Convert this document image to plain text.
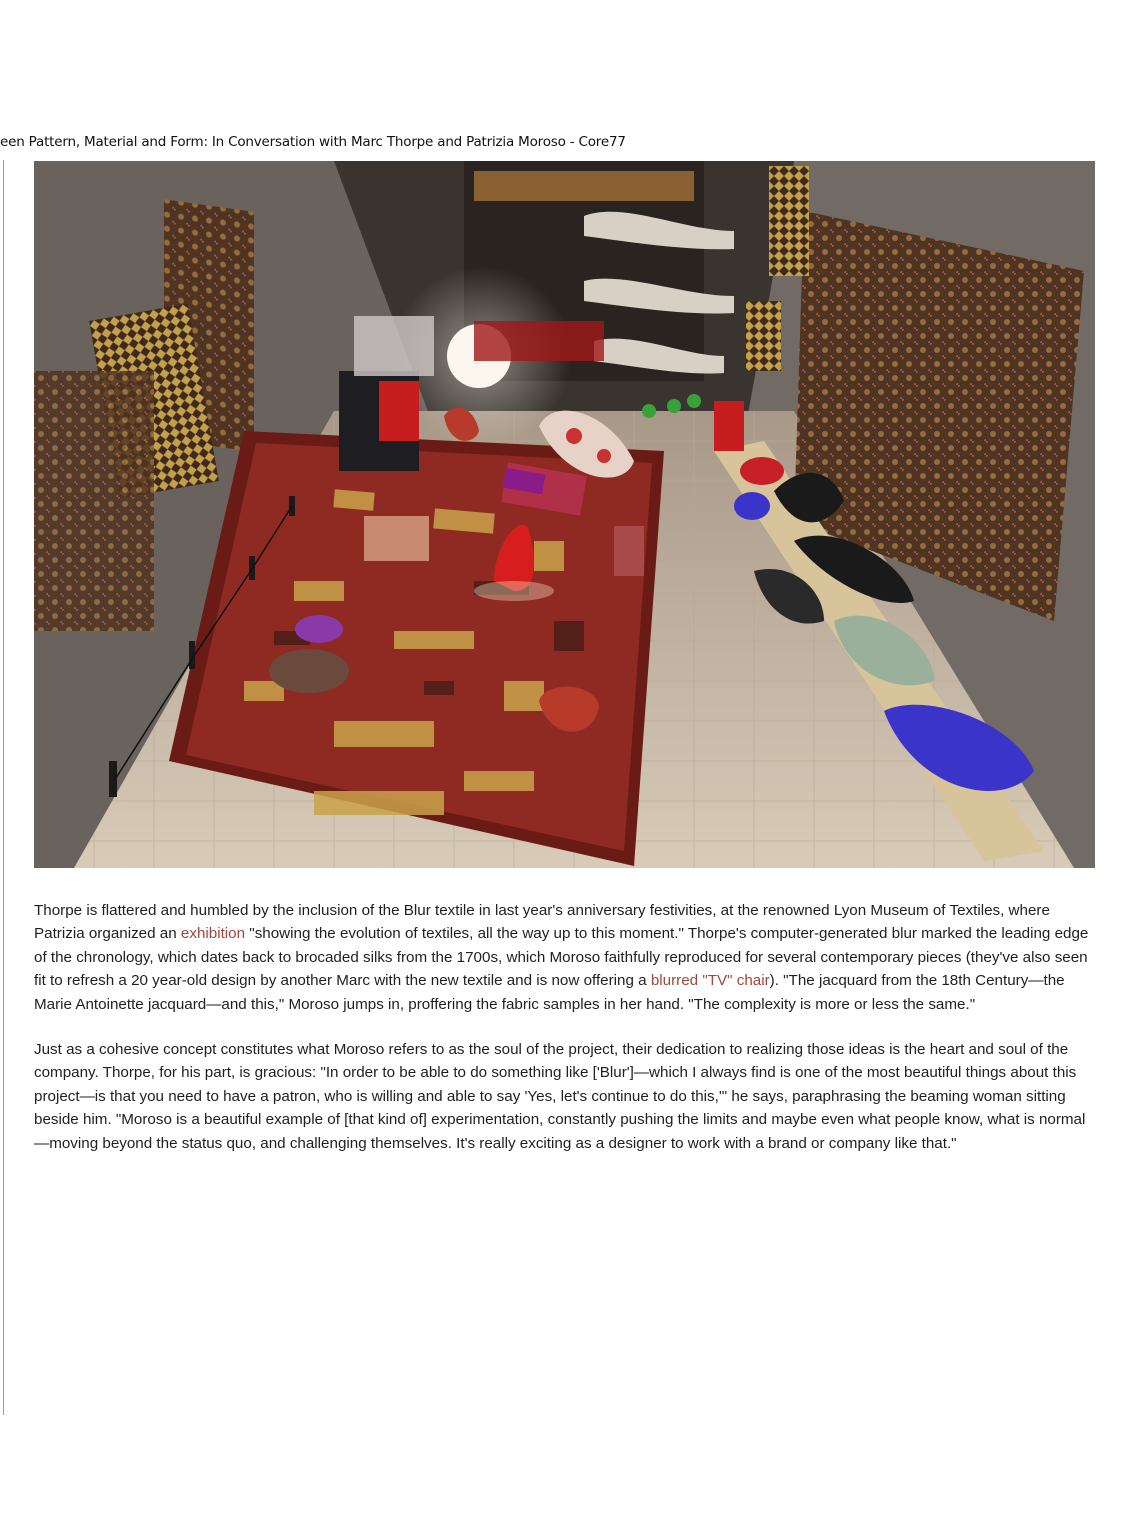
een Pattern, Material and Form: In Conversation with Marc Thorpe and Patrizia Moroso - Core77

Thorpe is flattered and humbled by the inclusion of the Blur textile in last year's anniversary festivities, at the renowned Lyon Museum of Textiles, where Patrizia organized an exhibition "showing the evolution of textiles, all the way up to this moment." Thorpe's computer-generated blur marked the leading edge of the chronology, which dates back to brocaded silks from the 1700s, which Moroso faithfully reproduced for several contemporary pieces (they've also seen fit to refresh a 20 year-old design by another Marc with the new textile and is now offering a blurred "TV" chair). "The jacquard from the 18th Century—the Marie Antoinette jacquard—and this," Moroso jumps in, proffering the fabric samples in her hand. "The complexity is more or less the same."

Just as a cohesive concept constitutes what Moroso refers to as the soul of the project, their dedication to realizing those ideas is the heart and soul of the company. Thorpe, for his part, is gracious: "In order to be able to do something like ['Blur']—which I always find is one of the most beautiful things about this project—is that you need to have a patron, who is willing and able to say 'Yes, let's continue to do this,'" he says, paraphrasing the beaming woman sitting beside him. "Moroso is a beautiful example of [that kind of] experimentation, constantly pushing the limits and maybe even what people know, what is normal—moving beyond the status quo, and challenging themselves. It's really exciting as a designer to work with a brand or company like that."
